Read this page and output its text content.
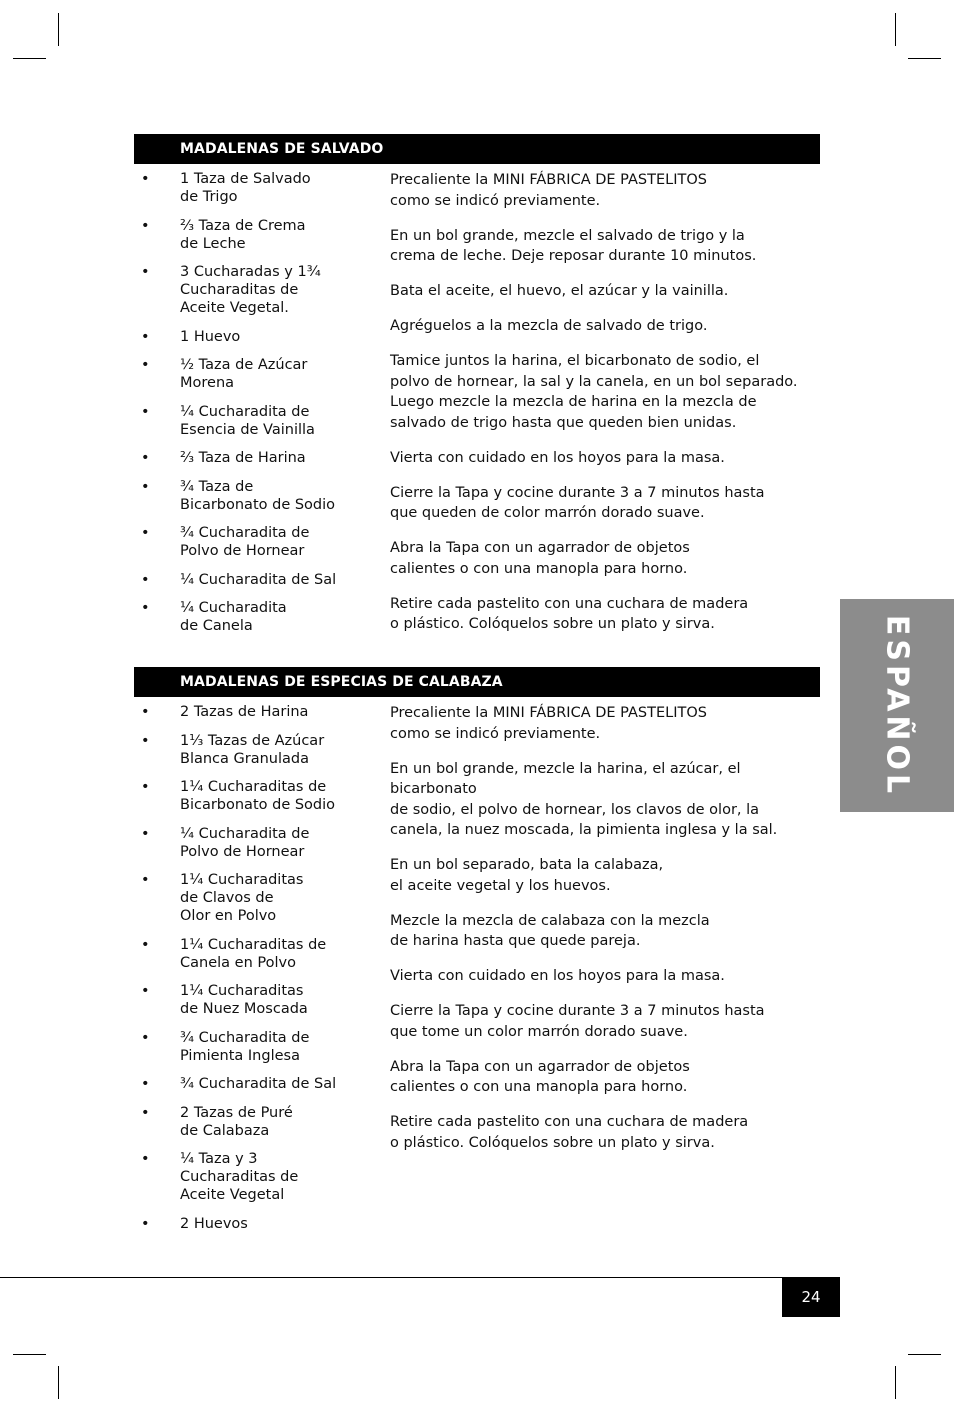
MADALENAS DE SALVADO
• 1 Taza de Salvado
de Trigo
• ²⁄₃ Taza de Crema
de Leche
• 3 Cucharadas y 1¾
Cucharaditas de
Aceite Vegetal.
• 1 Huevo
• ½ Taza de Azúcar
Morena
• ¼ Cucharadita de
Esencia de Vainilla
• ²⁄₃ Taza de Harina
• ¾ Taza de
Bicarbonato de Sodio
• ¾ Cucharadita de
Polvo de Hornear
• ¼ Cucharadita de Sal
• ¼ Cucharadita
de Canela

Precaliente la MINI FÁBRICA DE PASTELITOS
como se indicó previamente.

En un bol grande, mezcle el salvado de trigo y la
crema de leche. Deje reposar durante 10 minutos.

Bata el aceite, el huevo, el azúcar y la vainilla.

Agréguelos a la mezcla de salvado de trigo.

Tamice juntos la harina, el bicarbonato de sodio, el
polvo de hornear, la sal y la canela, en un bol separado.
Luego mezcle la mezcla de harina en la mezcla de
salvado de trigo hasta que queden bien unidas.

Vierta con cuidado en los hoyos para la masa.

Cierre la Tapa y cocine durante 3 a 7 minutos hasta
que queden de color marrón dorado suave.

Abra la Tapa con un agarrador de objetos
calientes o con una manopla para horno.

Retire cada pastelito con una cuchara de madera
o plástico. Colóquelos sobre un plato y sirva.

MADALENAS DE ESPECIAS DE CALABAZA
• 2 Tazas de Harina
• 1¹⁄₃ Tazas de Azúcar
Blanca Granulada
• 1¼ Cucharaditas de
Bicarbonato de Sodio
• ¼ Cucharadita de
Polvo de Hornear
• 1¼ Cucharaditas
de Clavos de
Olor en Polvo
• 1¼ Cucharaditas de
Canela en Polvo
• 1¼ Cucharaditas
de Nuez Moscada
• ¾ Cucharadita de
Pimienta Inglesa
• ¾ Cucharadita de Sal
• 2 Tazas de Puré
de Calabaza
• ¼ Taza y 3
Cucharaditas de
Aceite Vegetal
• 2 Huevos

Precaliente la MINI FÁBRICA DE PASTELITOS
como se indicó previamente.

En un bol grande, mezcle la harina, el azúcar, el bicarbonato
de sodio, el polvo de hornear, los clavos de olor, la
canela, la nuez moscada, la pimienta inglesa y la sal.

En un bol separado, bata la calabaza,
el aceite vegetal y los huevos.

Mezcle la mezcla de calabaza con la mezcla
de harina hasta que quede pareja.

Vierta con cuidado en los hoyos para la masa.

Cierre la Tapa y cocine durante 3 a 7 minutos hasta
que tome un color marrón dorado suave.

Abra la Tapa con un agarrador de objetos
calientes o con una manopla para horno.

Retire cada pastelito con una cuchara de madera
o plástico. Colóquelos sobre un plato y sirva.

ESPAÑOL
24
